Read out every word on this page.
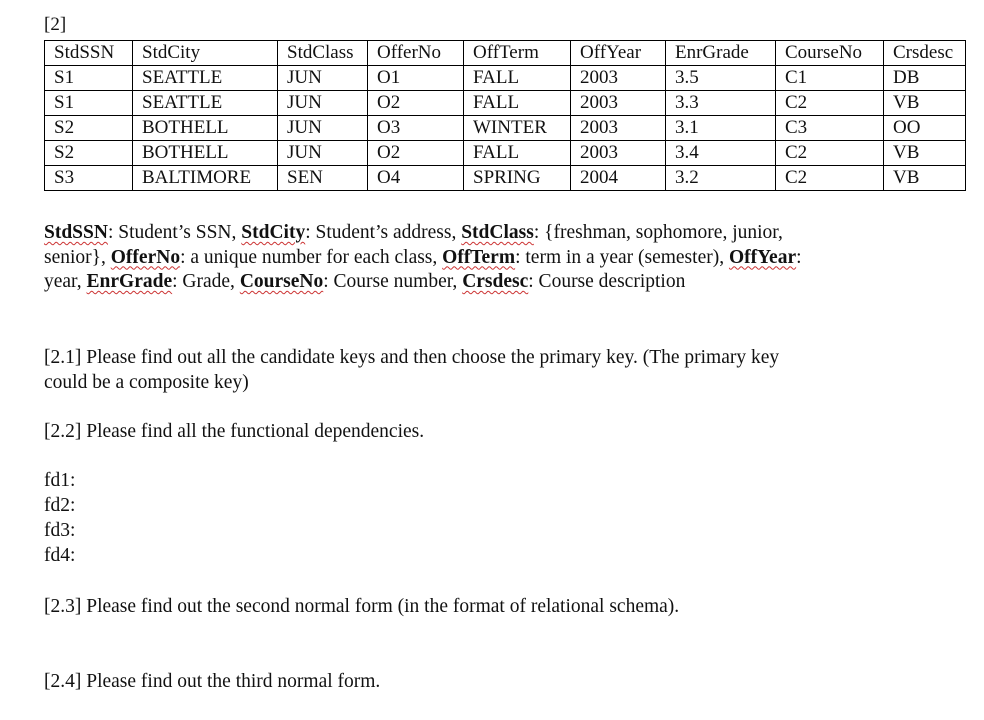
[2]
StdSSN	StdCity	StdClass	OfferNo	OffTerm	OffYear	EnrGrade	CourseNo	Crsdesc
S1	SEATTLE	JUN	O1	FALL	2003	3.5	C1	DB
S1	SEATTLE	JUN	O2	FALL	2003	3.3	C2	VB
S2	BOTHELL	JUN	O3	WINTER	2003	3.1	C3	OO
S2	BOTHELL	JUN	O2	FALL	2003	3.4	C2	VB
S3	BALTIMORE	SEN	O4	SPRING	2004	3.2	C2	VB
StdSSN: Student’s SSN, StdCity: Student’s address, StdClass: {freshman, sophomore, junior, senior}, OfferNo: a unique number for each class, OffTerm: term in a year (semester), OffYear: year, EnrGrade: Grade, CourseNo: Course number, Crsdesc: Course description
[2.1] Please find out all the candidate keys and then choose the primary key. (The primary key could be a composite key)
[2.2] Please find all the functional dependencies.
fd1:
fd2:
fd3:
fd4:
[2.3] Please find out the second normal form (in the format of relational schema).
[2.4] Please find out the third normal form.
